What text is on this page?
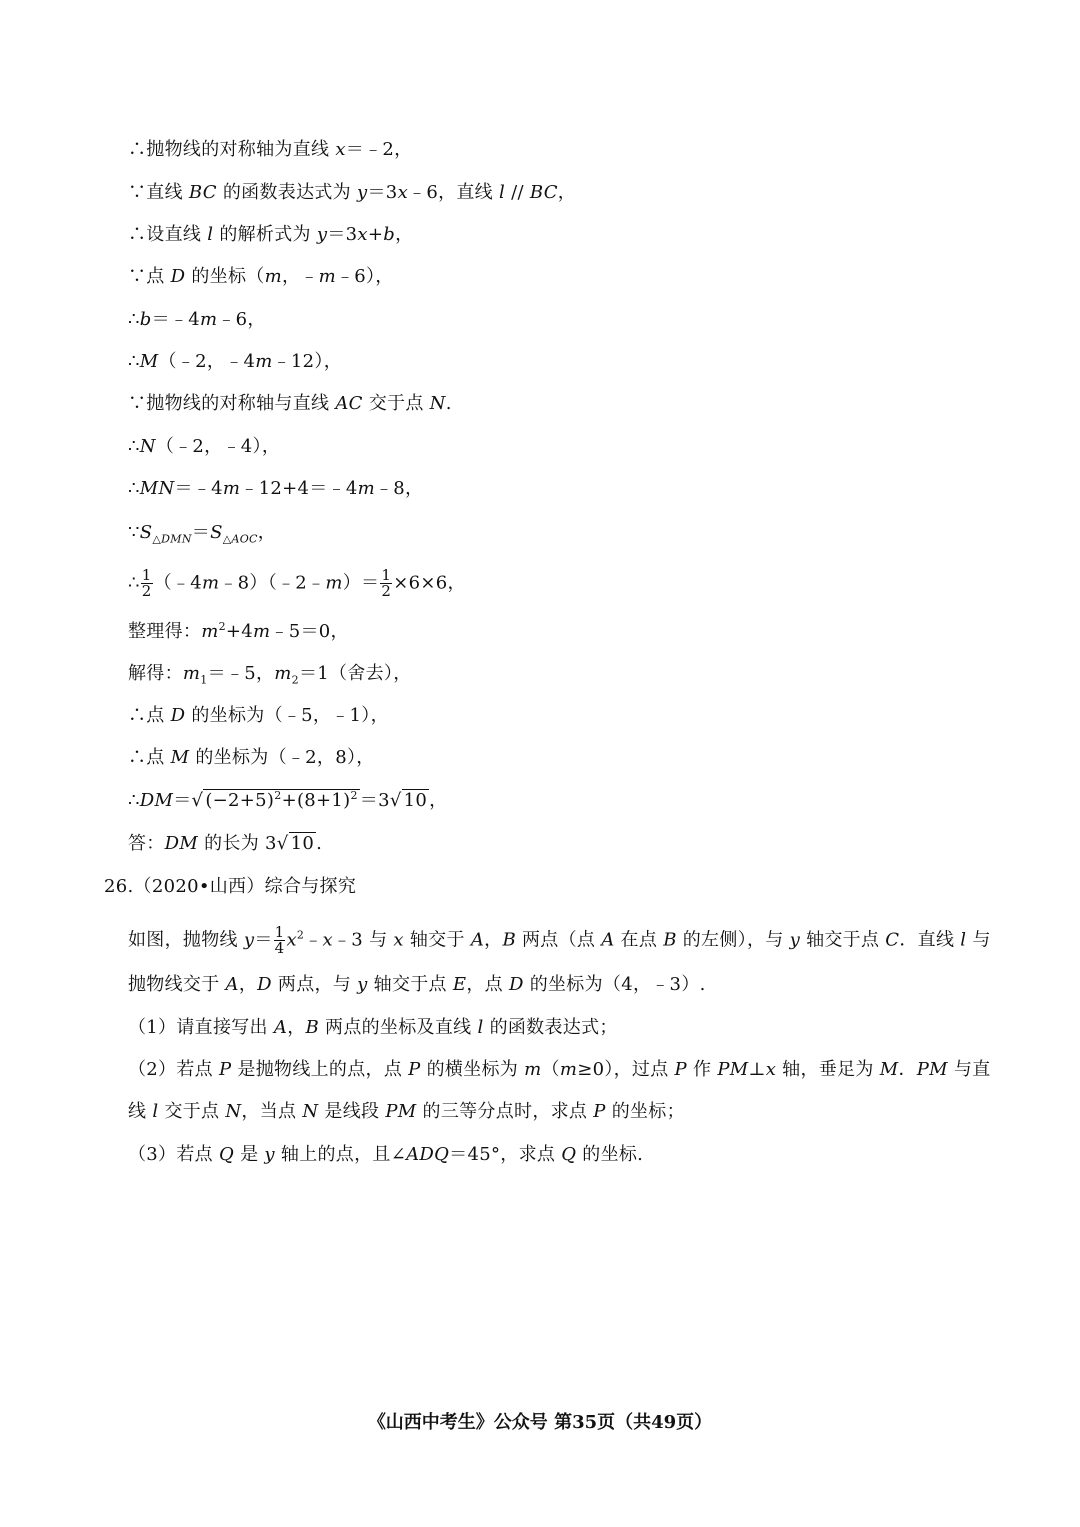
∴抛物线的对称轴为直线 x＝﹣2，
∵直线 BC 的函数表达式为 y＝3x﹣6，直线 l // BC，
∴设直线 l 的解析式为 y＝3x+b，
∵点 D 的坐标（m，﹣m﹣6），
∴b＝﹣4m﹣6，
∴M（﹣2，﹣4m﹣12），
∵抛物线的对称轴与直线 AC 交于点 N.
∴N（﹣2，﹣4），
∴MN＝﹣4m﹣12+4＝﹣4m﹣8，
$\because S_{\triangle DMN}=S_{\triangle AOC}$，
∴ $\frac{1}{2}$ （﹣4m﹣8）（﹣2﹣m）＝ $\frac{1}{2} \times 6\times 6$，
整理得：$m^2+4m﹣5=0$，
解得：$m_1=﹣5$，$m_2=1$（舍去），
∴点 D 的坐标为（﹣5，﹣1），
∴点 M 的坐标为（﹣2，8），
∴DM＝√ $(-2+5)^2+(8+1)^2 =3√$ 10 ，
答：DM 的长为 3√ 10 .
26.（2020•山西）综合与探究
如图，抛物线 $y= \frac{1}{4}$ $x^2﹣x﹣3$ 与 x 轴交于 A，B 两点（点 A 在点 B 的左侧），与 y 轴交于点 C．直线 l 与
抛物线交于 A，D 两点，与 y 轴交于点 E，点 D 的坐标为（4，﹣3）.
（1）请直接写出 A，B 两点的坐标及直线 l 的函数表达式；
（2）若点 P 是抛物线上的点，点 P 的横坐标为 m（m≥0），过点 P 作 PM⊥x 轴，垂足为 M．PM 与直
线 l 交于点 N，当点 N 是线段 PM 的三等分点时，求点 P 的坐标；
（3）若点 Q 是 y 轴上的点，且∠ADQ＝45°，求点 Q 的坐标.
《山西中考生》公众号 第35页（共49页）
